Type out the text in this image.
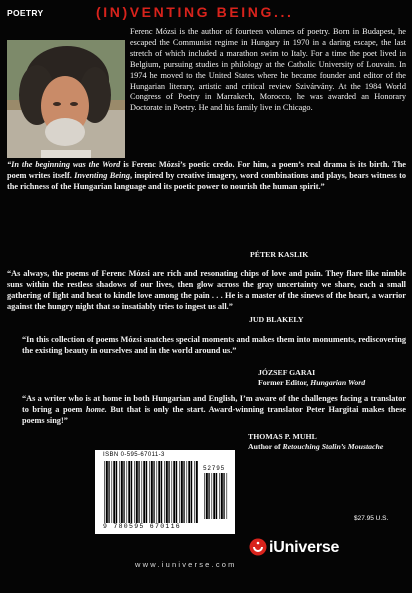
POETRY	(IN)VENTING BEING...
Ferenc Mózsi is the author of fourteen volumes of poetry. Born in Budapest, he escaped the Communist regime in Hungary in 1970 in a daring escape, the last stretch of which included a marathon swim to Italy. For a time the poet lived in Belgium, pursuing studies in philology at the Catholic University of Louvain. In 1974 he moved to the United States where he became founder and editor of the Hungarian literary, artistic and critical review Szivárvány. At the 1984 World Congress of Poetry in Marrakech, Morocco, he was awarded an Honorary Doctorate in Poetry. He and his family live in Chicago.
“In the beginning was the Word is Ferenc Mózsi’s poetic credo. For him, a poem’s real drama is its birth. The poem writes itself. Inventing Being, inspired by creative imagery, word combinations and plays, bears witness to the richness of the Hungarian language and its poetic power to nourish the human spirit.”
PÉTER KASLIK
“As always, the poems of Ferenc Mózsi are rich and resonating chips of love and pain. They flare like nimble suns within the restless shadows of our lives, then glow across the gray uncertainty we share, each a small gathering of light and heat to kindle love among the pain . . . He is a master of the sinews of the heart, a warrior against the hungry night that so insatiably tries to ingest us all.”
JUD BLAKELY
“In this collection of poems Mózsi snatches special moments and makes them into monuments, rediscovering the existing beauty in ourselves and in the world around us.”
JÓZSEF GARAI
Former Editor, Hungarian Word
“As a writer who is at home in both Hungarian and English, I’m aware of the challenges facing a translator to bring a poem home. But that is only the start. Award-winning translator Peter Hargitai makes these poems sing!”
THOMAS P. MUHL
Author of Retouching Stalin’s Moustache
ISBN 0-595-67011-3
52795
9 780595 670116
$27.95 U.S.
iUniverse
www.iuniverse.com
